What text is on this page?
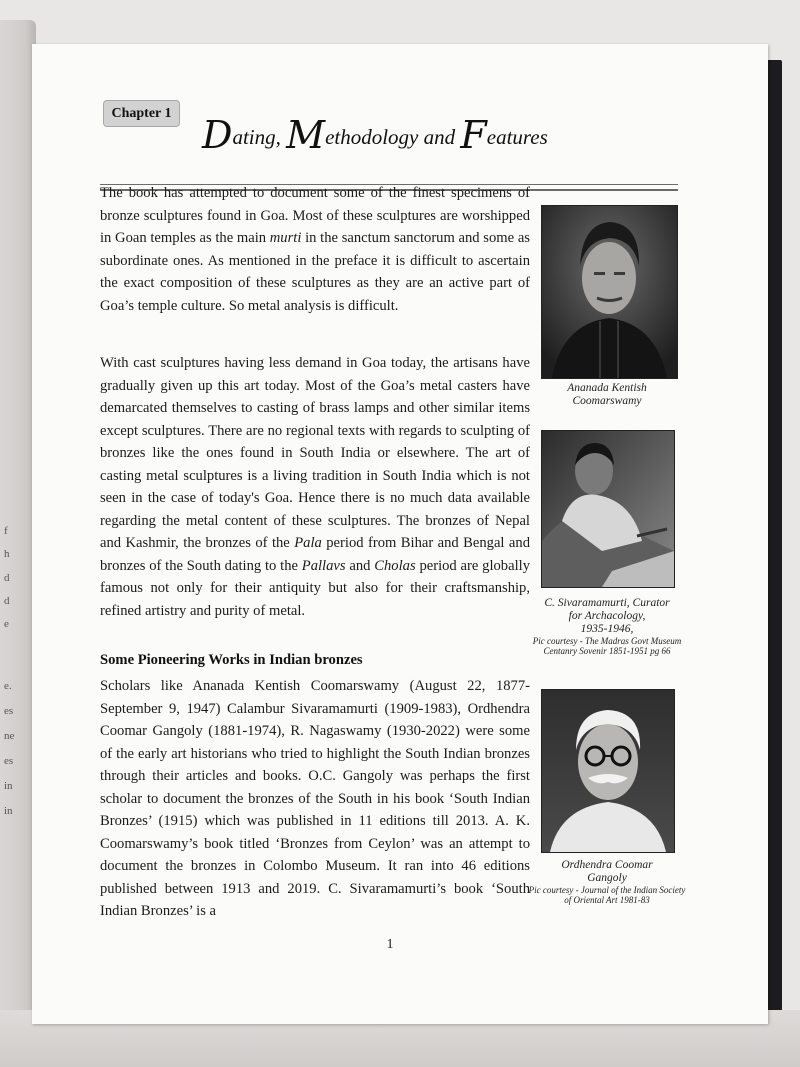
f
h
d
d
e
e.
es
ne
es
in
in
Chapter 1 Dating, Methodology and Features
The book has attempted to document some of the finest specimens of bronze sculptures found in Goa. Most of these sculptures are worshipped in Goan temples as the main murti in the sanctum sanctorum and some as subordinate ones. As mentioned in the preface it is difficult to ascertain the exact composition of these sculptures as they are an active part of Goa’s temple culture. So metal analysis is difficult.
With cast sculptures having less demand in Goa today, the artisans have gradually given up this art today. Most of the Goa’s metal casters have demarcated themselves to casting of brass lamps and other similar items except sculptures. There are no regional texts with regards to sculpting of bronzes like the ones found in South India or elsewhere. The art of casting metal sculptures is a living tradition in South India which is not seen in the case of today's Goa. Hence there is no much data available regarding the metal content of these sculptures. The bronzes of Nepal and Kashmir, the bronzes of the Pala period from Bihar and Bengal and bronzes of the South dating to the Pallavs and Cholas period are globally famous not only for their antiquity but also for their craftsmanship, refined artistry and purity of metal.
Some Pioneering Works in Indian bronzes
Scholars like Ananada Kentish Coomarswamy (August 22, 1877-September 9, 1947) Calambur Sivaramamurti (1909-1983), Ordhendra Coomar Gangoly (1881-1974), R. Nagaswamy (1930-2022) were some of the early art historians who tried to highlight the South Indian bronzes through their articles and books. O.C. Gangoly was perhaps the first scholar to document the bronzes of the South in his book ‘South Indian Bronzes’ (1915) which was published in 11 editions till 2013. A. K. Coomarswamy’s book titled ‘Bronzes from Ceylon’ was an attempt to document the bronzes in Colombo Museum. It ran into 46 editions published between 1913 and 2019. C. Sivaramamurti’s book ‘South Indian Bronzes’ is a
Ananada Kentish
Coomarswamy
C. Sivaramamurti, Curator
for Archacology,
1935-1946,
Pic courtesy - The Madras Govt Museum Centanry Sovenir 1851-1951 pg 66
Ordhendra Coomar
Gangoly
Pic courtesy - Journal of the Indian Society of Oriental Art 1981-83
1
